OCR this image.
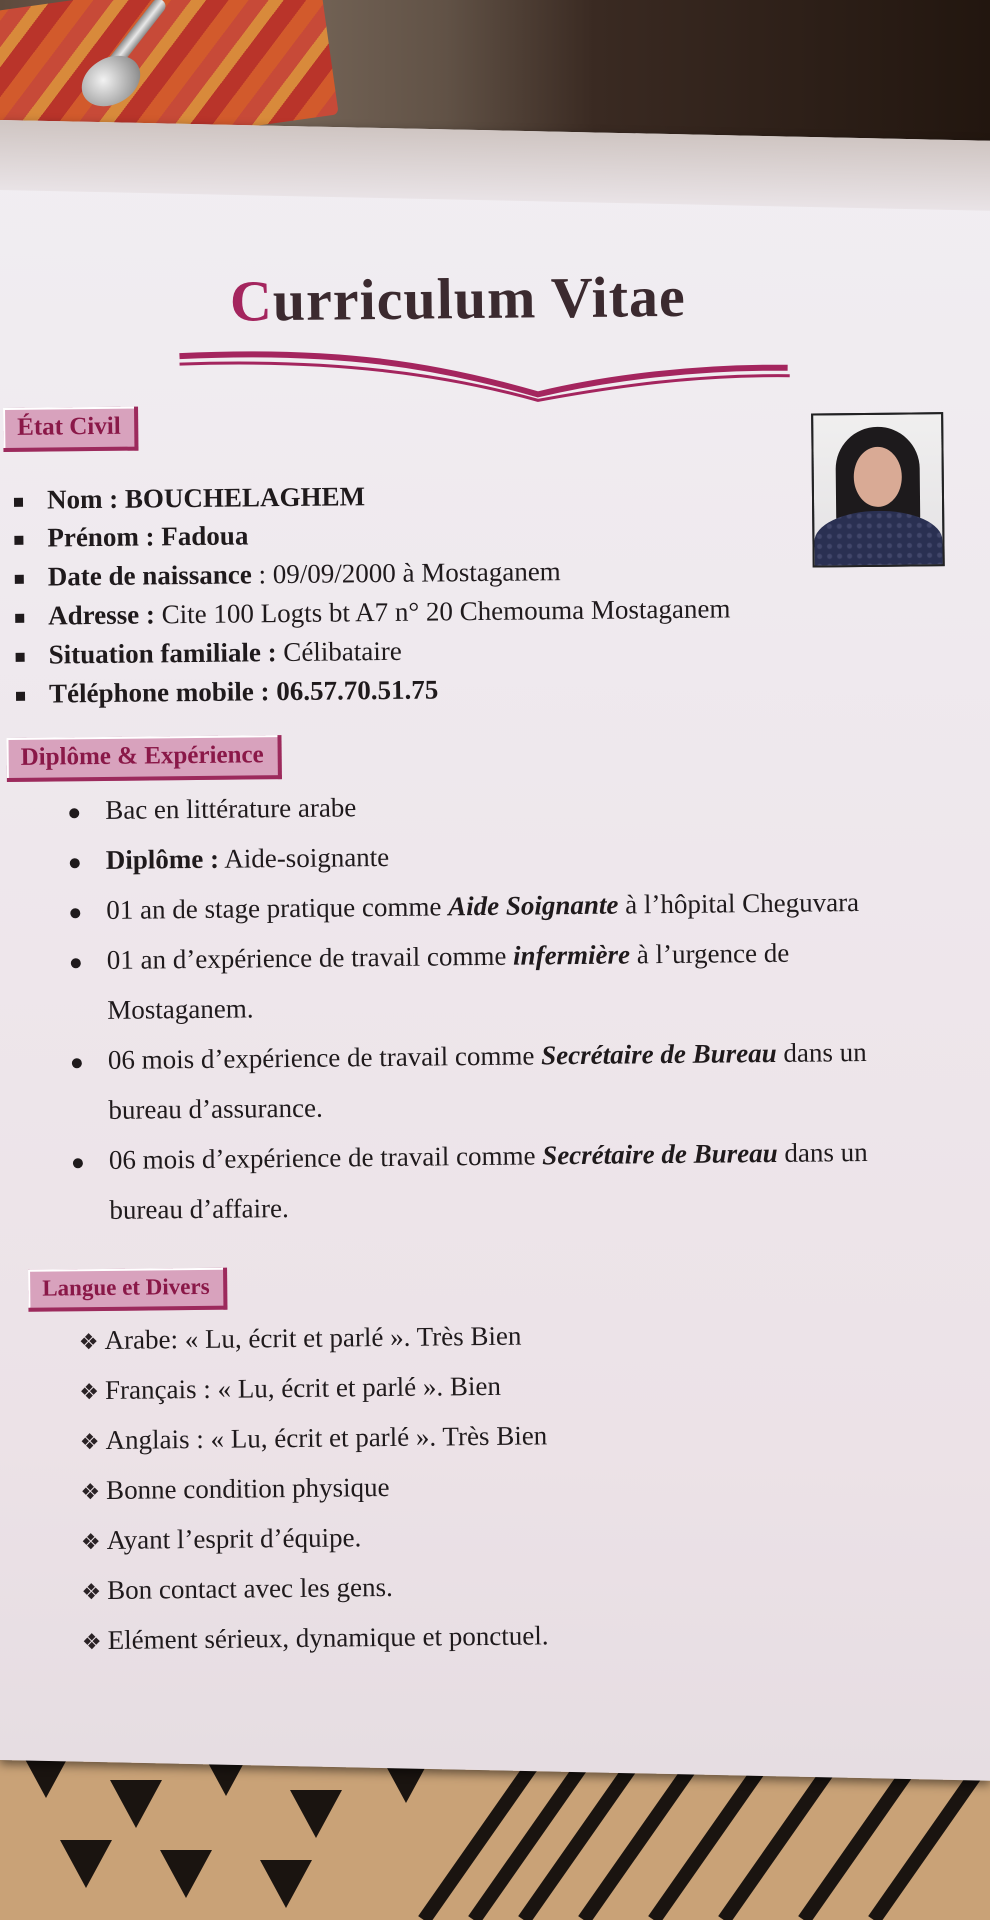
Curriculum Vitae
État Civil
Nom : BOUCHELAGHEM
Prénom : Fadoua
Date de naissance : 09/09/2000 à Mostaganem
Adresse : Cite 100 Logts bt A7 n° 20 Chemouma Mostaganem
Situation familiale : Célibataire
Téléphone mobile : 06.57.70.51.75
Diplôme & Expérience
Bac en littérature arabe
Diplôme : Aide-soignante
01 an de stage pratique comme Aide Soignante à l’hôpital Cheguvara
01 an d’expérience de travail comme infermière à l’urgence de
Mostaganem.
06 mois d’expérience de travail comme Secrétaire de Bureau dans un
bureau d’assurance.
06 mois d’expérience de travail comme Secrétaire de Bureau dans un
bureau d’affaire.
Langue et Divers
❖ Arabe: « Lu, écrit et parlé ». Très Bien
❖ Français : « Lu, écrit et parlé ». Bien
❖ Anglais : « Lu, écrit et parlé ». Très Bien
❖ Bonne condition physique
❖ Ayant l’esprit d’équipe.
❖ Bon contact avec les gens.
❖ Elément sérieux, dynamique et ponctuel.
